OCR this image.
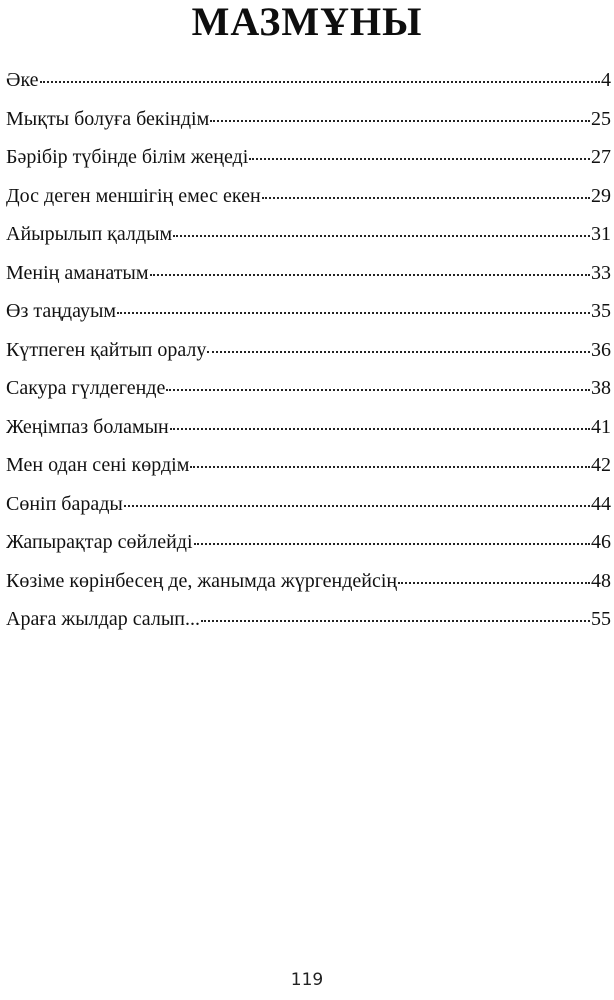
МАЗМҰНЫ
Әке	4
Мықты болуға бекіндім	25
Бәрібір түбінде білім жеңеді	27
Дос деген меншігің емес екен	29
Айырылып қалдым	31
Менің аманатым	33
Өз таңдауым	35
Күтпеген қайтып оралу	36
Сакура гүлдегенде	38
Жеңімпаз боламын	41
Мен одан сені көрдім	42
Сөніп барады	44
Жапырақтар сөйлейді	46
Көзіме көрінбесең де, жанымда жүргендейсің	48
Араға жылдар салып...	55
119
